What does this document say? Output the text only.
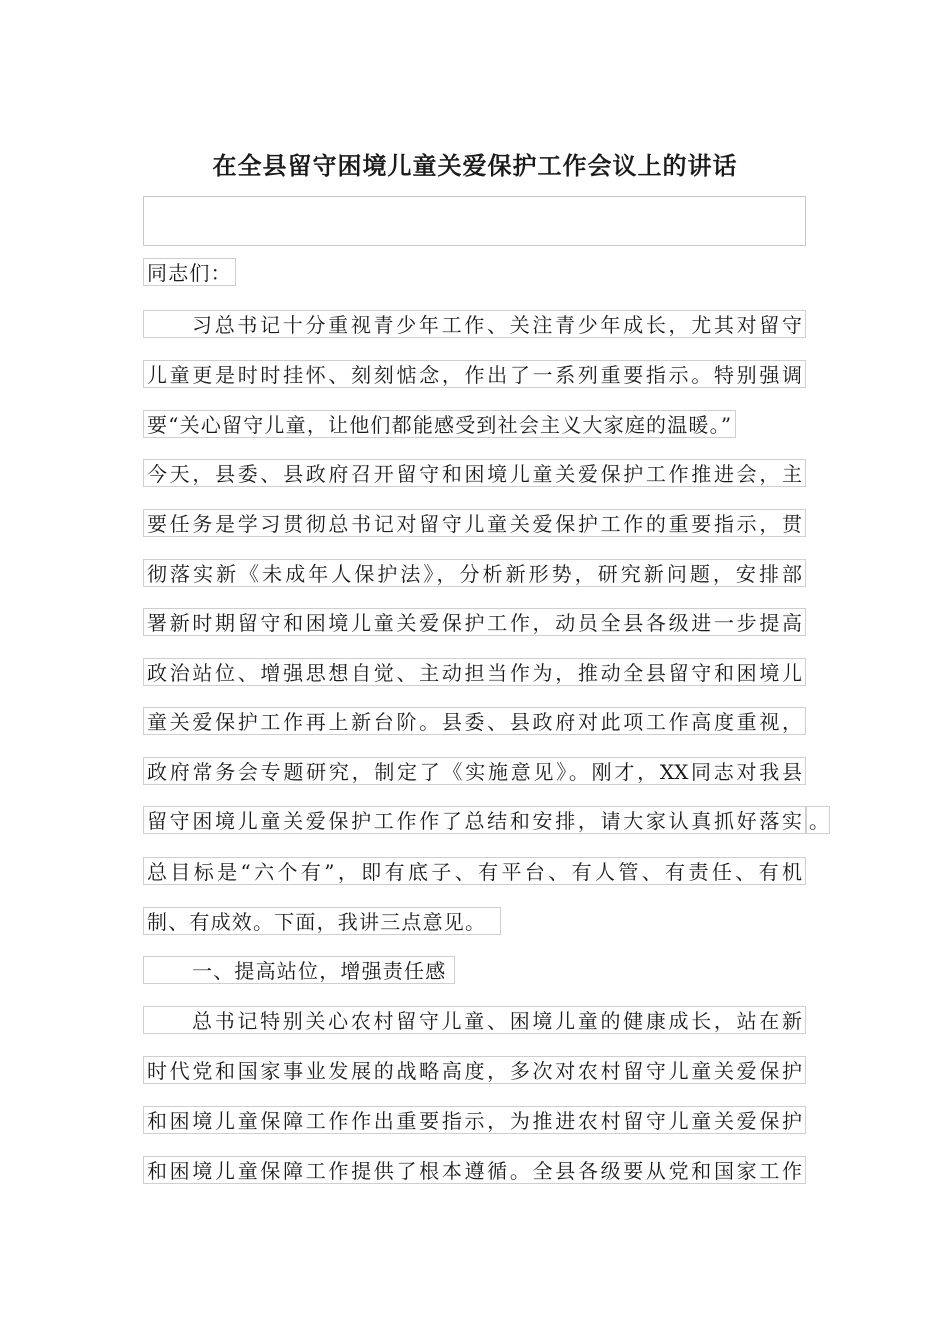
在全县留守困境儿童关爱保护工作会议上的讲话
同志们：
习总书记十分重视青少年工作、关注青少年成长，尤其对留守
儿童更是时时挂怀、刻刻惦念，作出了一系列重要指示。特别强调
要“关心留守儿童，让他们都能感受到社会主义大家庭的温暖。”
今天，县委、县政府召开留守和困境儿童关爱保护工作推进会，主
要任务是学习贯彻总书记对留守儿童关爱保护工作的重要指示，贯
彻落实新《未成年人保护法》，分析新形势，研究新问题，安排部
署新时期留守和困境儿童关爱保护工作，动员全县各级进一步提高
政治站位、增强思想自觉、主动担当作为，推动全县留守和困境儿
童关爱保护工作再上新台阶。县委、县政府对此项工作高度重视，
政府常务会专题研究，制定了《实施意见》。刚才，XX同志对我县
留守困境儿童关爱保护工作作了总结和安排，请大家认真抓好落实 。
总目标是“六个有”，即有底子、有平台、有人管、有责任、有机
制、有成效。下面，我讲三点意见。
一、提高站位，增强责任感
总书记特别关心农村留守儿童、困境儿童的健康成长，站在新
时代党和国家事业发展的战略高度，多次对农村留守儿童关爱保护
和困境儿童保障工作作出重要指示，为推进农村留守儿童关爱保护
和困境儿童保障工作提供了根本遵循。全县各级要从党和国家工作
